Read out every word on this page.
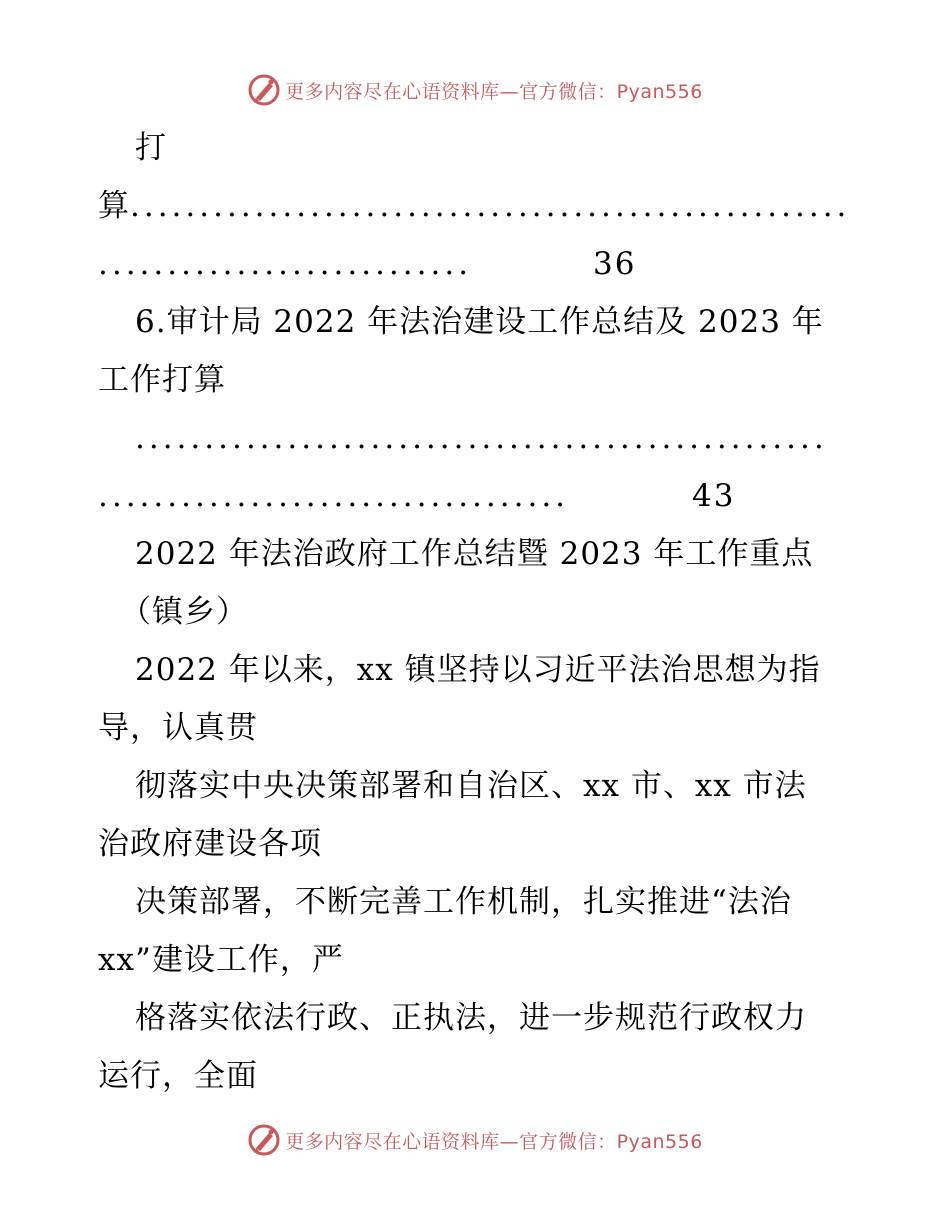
更多内容尽在心语资料库—官方微信：Pyan556
打
算 ....................................................
...........................	36
6.审计局 2022 年法治建设工作总结及 2023 年
工作打算
..................................................
..................................	43
2022 年法治政府工作总结暨 2023 年工作重点
（镇乡）
2022 年以来，xx 镇坚持以习近平法治思想为指
导，认真贯
彻落实中央决策部署和自治区、xx 市、xx 市法
治政府建设各项
决策部署，不断完善工作机制，扎实推进“法治
xx”建设工作，严
格落实依法行政、正执法，进一步规范行政权力
运行，全面
更多内容尽在心语资料库—官方微信：Pyan556
